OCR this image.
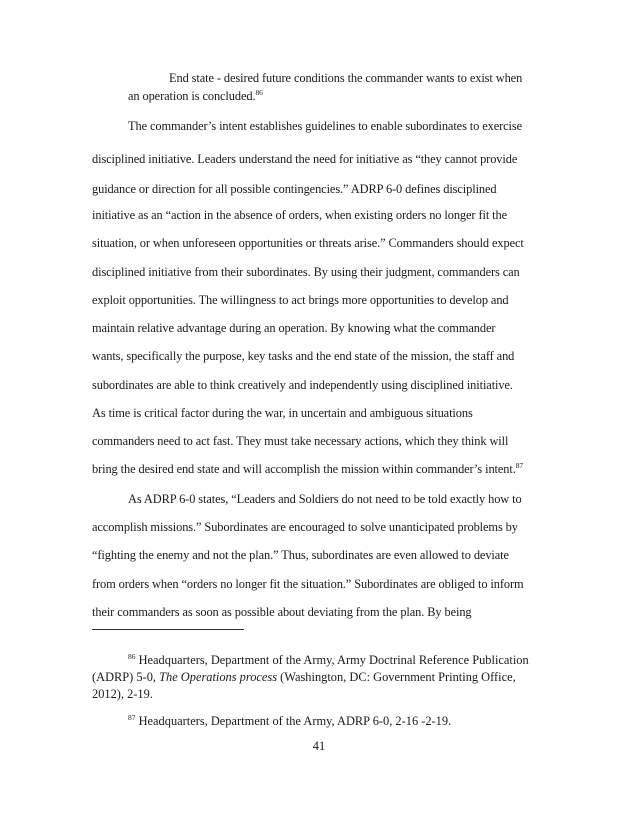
End state - desired future conditions the commander wants to exist when
an operation is concluded.$^{86}$
The commander’s intent establishes guidelines to enable subordinates to exercise
disciplined initiative. Leaders understand the need for initiative as “they cannot provide
guidance or direction for all possible contingencies.” ADRP 6-0 defines disciplined
initiative as an “action in the absence of orders, when existing orders no longer fit the
situation, or when unforeseen opportunities or threats arise.” Commanders should expect
disciplined initiative from their subordinates. By using their judgment, commanders can
exploit opportunities. The willingness to act brings more opportunities to develop and
maintain relative advantage during an operation. By knowing what the commander
wants, specifically the purpose, key tasks and the end state of the mission, the staff and
subordinates are able to think creatively and independently using disciplined initiative.
As time is critical factor during the war, in uncertain and ambiguous situations
commanders need to act fast. They must take necessary actions, which they think will
bring the desired end state and will accomplish the mission within commander’s intent.$^{87}$
As ADRP 6-0 states, “Leaders and Soldiers do not need to be told exactly how to
accomplish missions.” Subordinates are encouraged to solve unanticipated problems by
“fighting the enemy and not the plan.” Thus, subordinates are even allowed to deviate
from orders when “orders no longer fit the situation.” Subordinates are obliged to inform
their commanders as soon as possible about deviating from the plan. By being
$^{86}$ Headquarters, Department of the Army, Army Doctrinal Reference Publication
(ADRP) 5-0, The Operations process (Washington, DC: Government Printing Office,
2012), 2-19.
$^{87}$ Headquarters, Department of the Army, ADRP 6-0, 2-16 -2-19.
41
